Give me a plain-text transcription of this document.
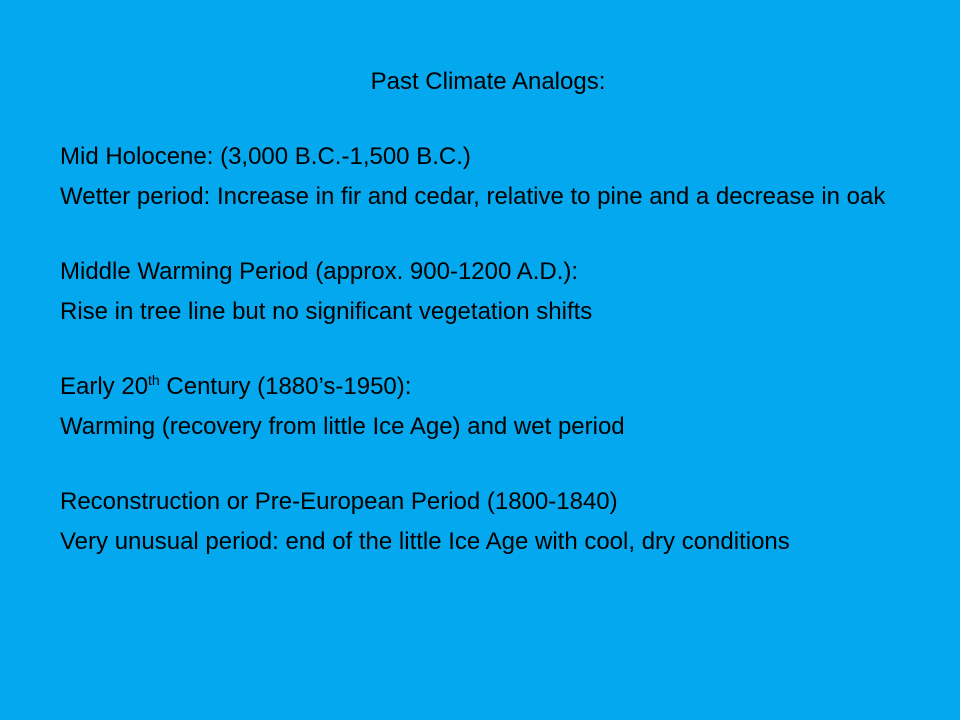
Past Climate Analogs:
Mid Holocene: (3,000 B.C.-1,500 B.C.)
Wetter period: Increase in fir and cedar, relative to pine and a decrease in oak
Middle Warming Period (approx. 900-1200 A.D.):
Rise in tree line but no significant vegetation shifts
Early 20th Century (1880’s-1950):
Warming (recovery from little Ice Age) and wet period
Reconstruction or Pre-European Period (1800-1840)
Very unusual period: end of the little Ice Age with cool, dry conditions
